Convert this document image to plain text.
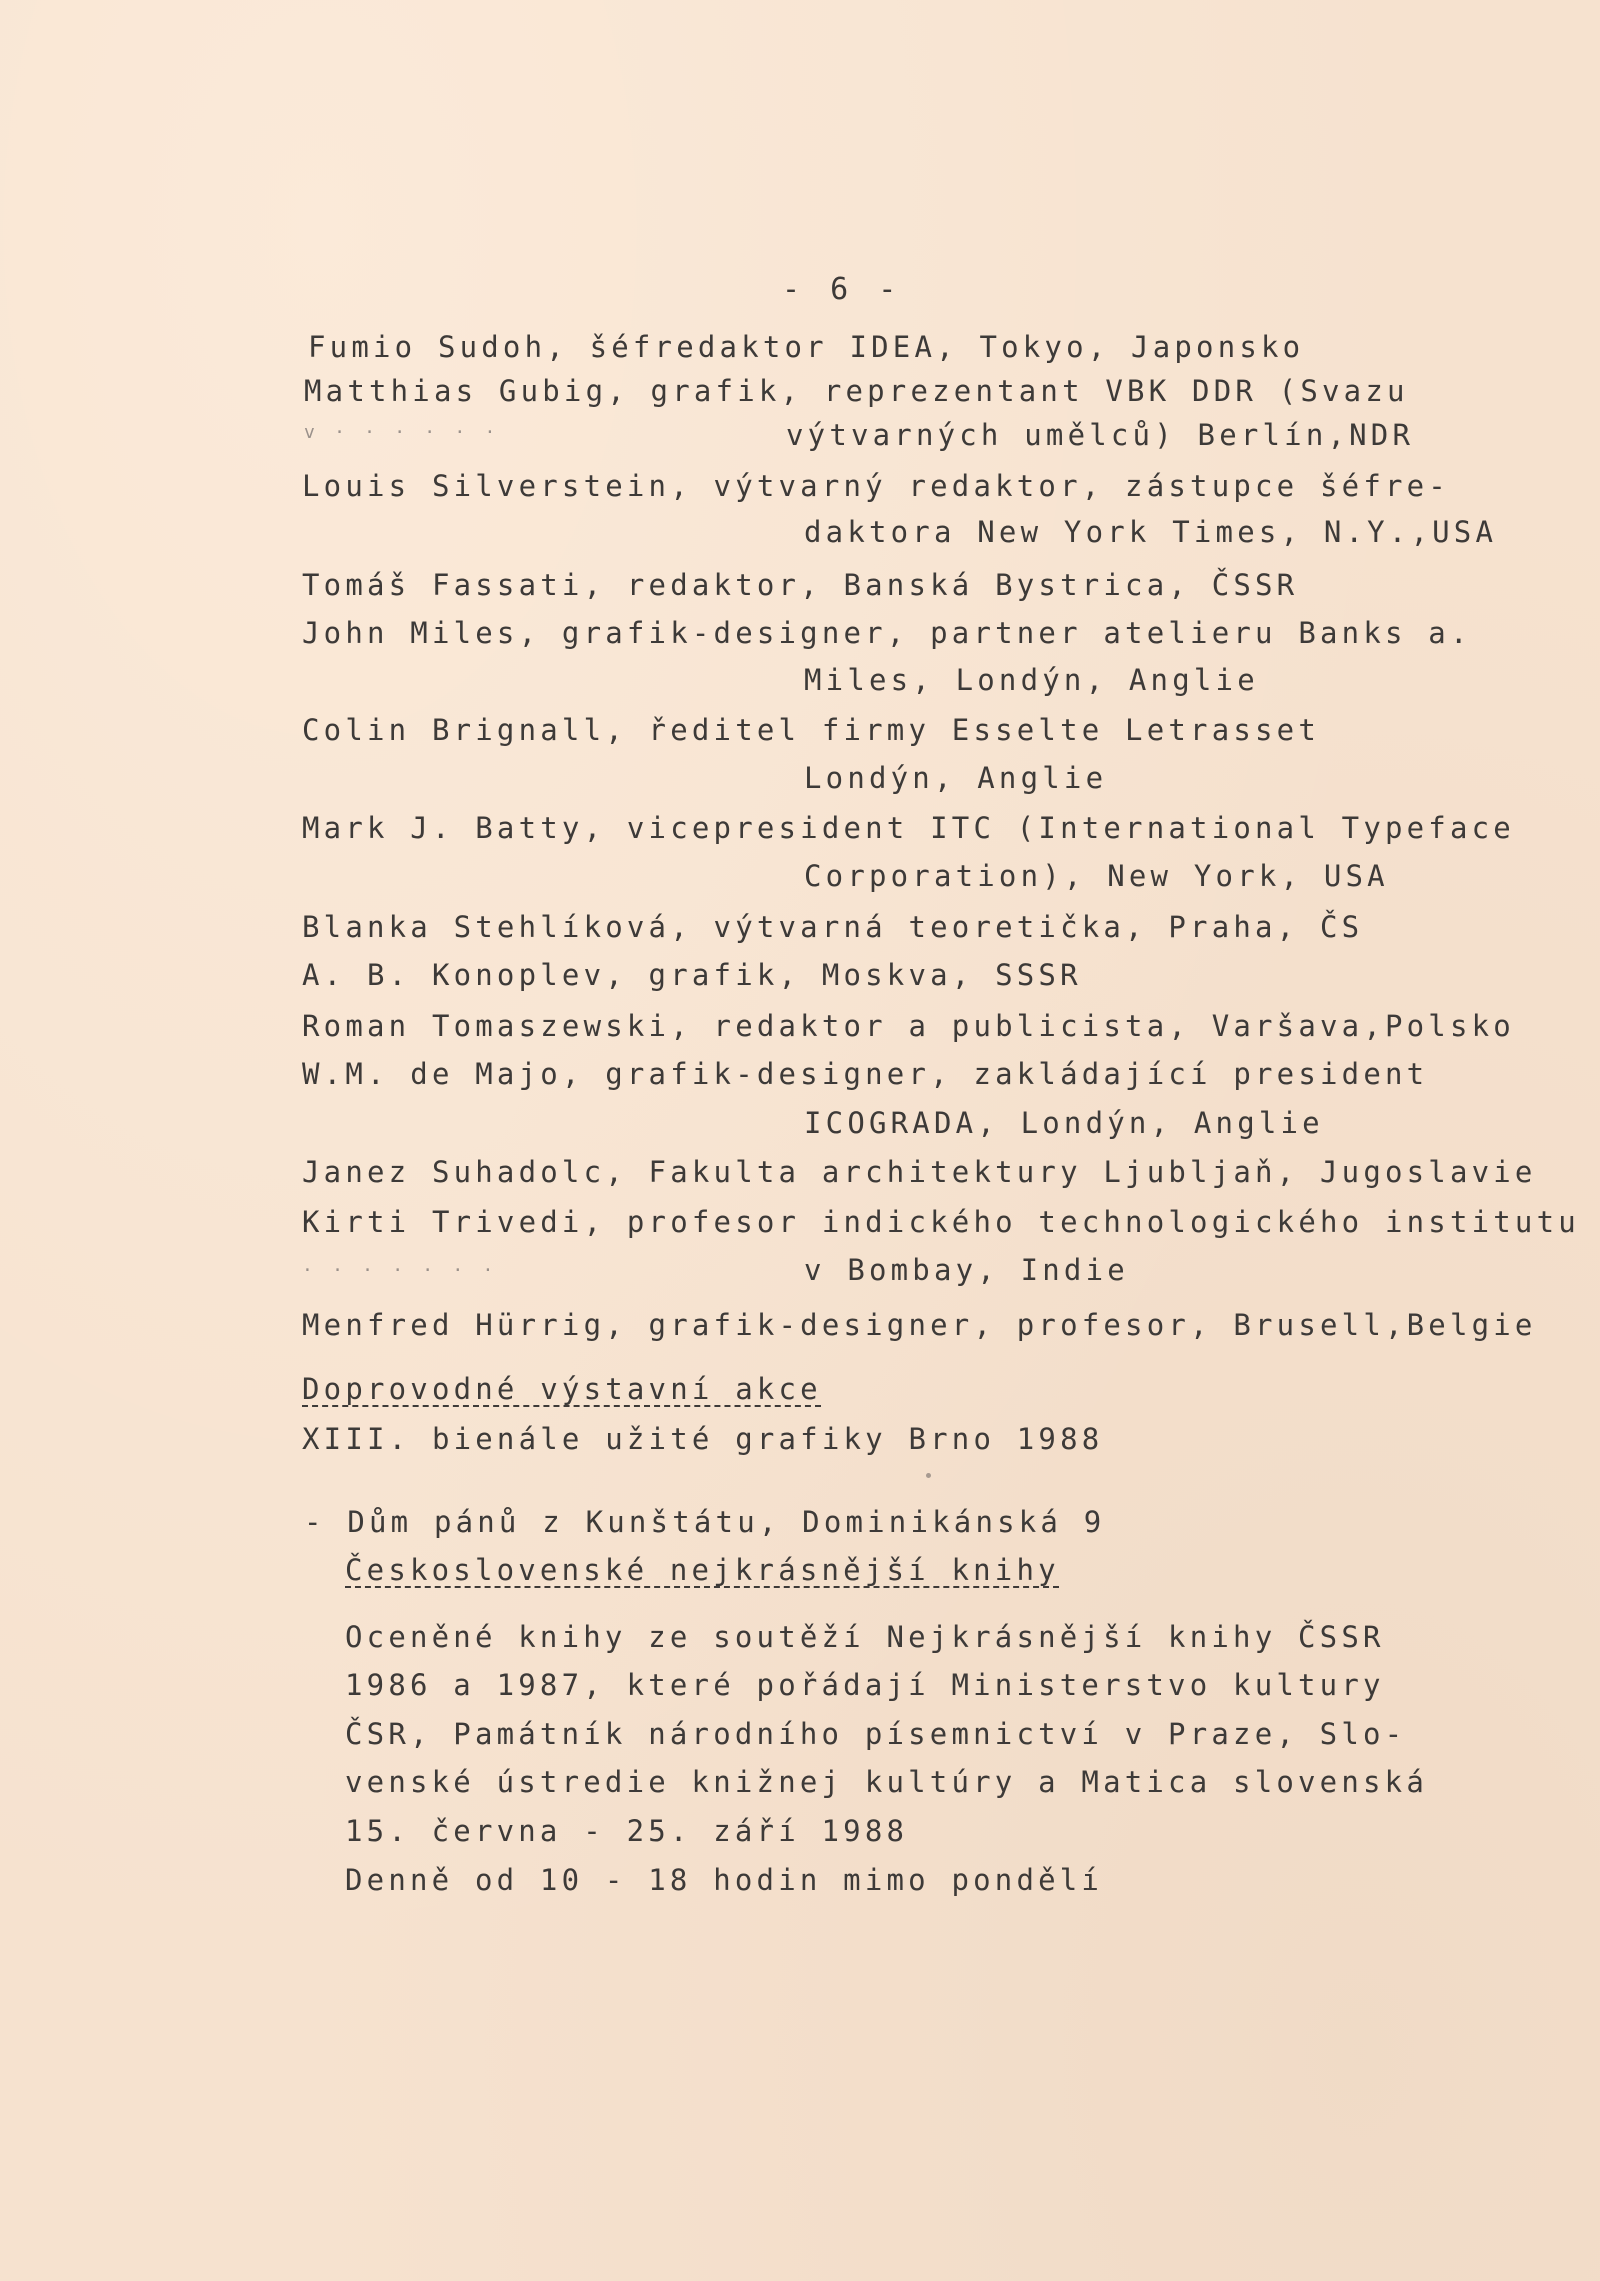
- 6 -
Fumio Sudoh, šéfredaktor IDEA, Tokyo, Japonsko
Matthias Gubig, grafik, reprezentant VBK DDR (Svazu
v · · · · · ·	výtvarných umělců) Berlín,NDR
Louis Silverstein, výtvarný redaktor, zástupce šéfre-
daktora New York Times, N.Y.,USA
Tomáš Fassati, redaktor, Banská Bystrica, ČSSR
John Miles, grafik-designer, partner atelieru Banks a.
Miles, Londýn, Anglie
Colin Brignall, ředitel firmy Esselte Letrasset
Londýn, Anglie
Mark J. Batty, vicepresident ITC (International Typeface
Corporation), New York, USA
Blanka Stehlíková, výtvarná teoretička, Praha, ČS
A. B. Konoplev, grafik, Moskva, SSSR
Roman Tomaszewski, redaktor a publicista, Varšava,Polsko
W.M. de Majo, grafik-designer, zakládající president
ICOGRADA, Londýn, Anglie
Janez Suhadolc, Fakulta architektury Ljubljaň, Jugoslavie
Kirti Trivedi, profesor indického technologického institutu
· · · · · · ·	v Bombay, Indie
Menfred Hürrig, grafik-designer, profesor, Brusell,Belgie
Doprovodné výstavní akce
XIII. bienále užité grafiky Brno 1988
- Dům pánů z Kunštátu, Dominikánská 9
Československé nejkrásnější knihy
Oceněné knihy ze soutěží Nejkrásnější knihy ČSSR
1986 a 1987, které pořádají Ministerstvo kultury
ČSR, Památník národního písemnictví v Praze, Slo-
venské ústredie knižnej kultúry a Matica slovenská
15. června - 25. září 1988
Denně od 10 - 18 hodin mimo pondělí
